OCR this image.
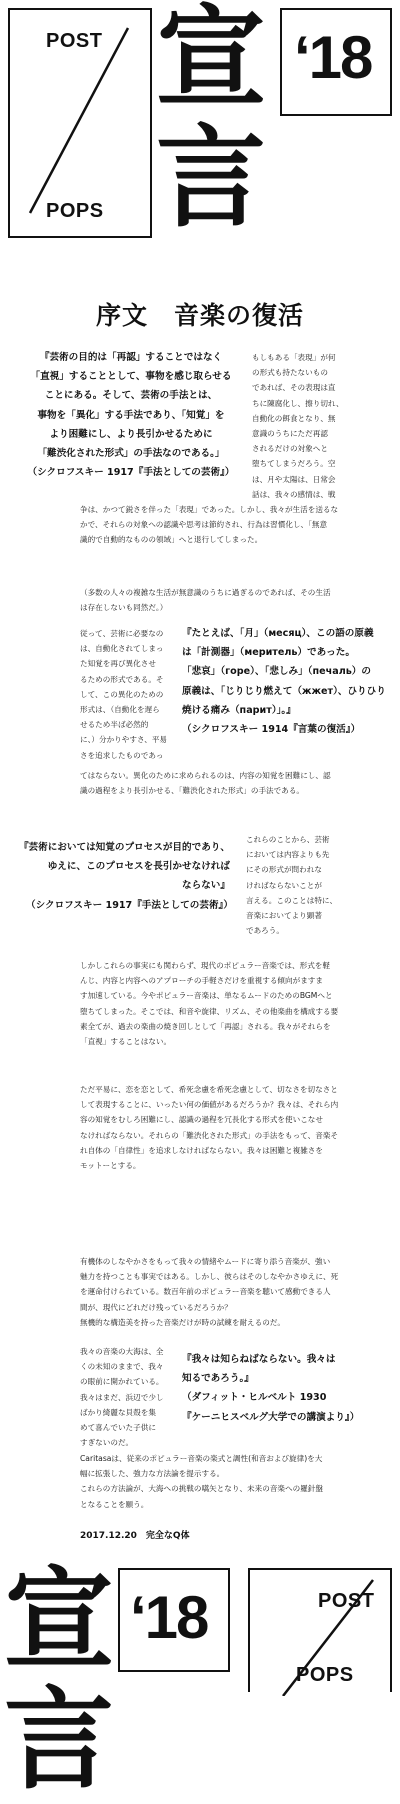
POST
POPS
宣言
‘18
序文　音楽の復活
『芸術の目的は「再認」することではなく
「直視」することとして、事物を感じ取らせる
ことにある。そして、芸術の手法とは、
事物を「異化」する手法であり、「知覚」を
より困難にし、より長引かせるために
「難渋化された形式」の手法なのである。」
（シクロフスキー 1917『手法としての芸術』）
もしもある「表現」が何
の形式も持たないもの
であれば、その表現は直
ちに陳腐化し、擦り切れ、
自動化の餌食となり、無
意識のうちにただ再認
されるだけの対象へと
堕ちてしまうだろう。空
は、月や太陽は、日常会
話は、我々の感情は、戦
争は、かつて鋭さを伴った「表現」であった。しかし、我々が生活を送るな
かで、それらの対象への認識や思考は節約され、行為は習慣化し、「無意
識的で自動的なものの領域」へと退行してしまった。
（多数の人々の複雑な生活が無意識のうちに過ぎるのであれば、その生活
は存在しないも同然だ。）
従って、芸術に必要なの
は、自動化されてしまっ
た知覚を再び異化させ
るための形式である。そ
して、この異化のための
形式は、（自動化を遅ら
せるため半ば必然的
に、）分かりやすさ、平易
さを追求したものであっ
『たとえば、「月」（месяц）、この語の原義
は「計測器」（меритель）であった。
「悲哀」（горе）、「悲しみ」（печаль）の
原義は、「じりじり燃えて（жжет）、ひりひり
焼ける痛み（парит）」。』
（シクロフスキー 1914『言葉の復活』）
てはならない。異化のために求められるのは、内容の知覚を困難にし、認
識の過程をより長引かせる、「難渋化された形式」の手法である。
『芸術においては知覚のプロセスが目的であり、
ゆえに、このプロセスを長引かせなければ
ならない』
（シクロフスキー 1917『手法としての芸術』）
これらのことから、芸術
においては内容よりも先
にその形式が問われな
ければならないことが
言える。このことは特に、
音楽においてより顕著
であろう。
しかしこれらの事実にも関わらず、現代のポピュラー音楽では、形式を軽
んじ、内容と内容へのアプローチの手軽さだけを重視する傾向がますま
す加速している。今やポピュラー音楽は、単なるムードのためのBGMへと
堕ちてしまった。そこでは、和音や旋律、リズム、その他楽曲を構成する要
素全てが、過去の楽曲の焼き回しとして「再認」される。我々がそれらを
「直視」することはない。
ただ平易に、恋を恋として、希死念慮を希死念慮として、切なさを切なさと
して表現することに、いったい何の価値があるだろうか？我々は、それら内
容の知覚をむしろ困難にし、認識の過程を冗長化する形式を使いこなせ
なければならない。それらの「難渋化された形式」の手法をもって、音楽そ
れ自体の「自律性」を追求しなければならない。我々は困難と複雑さを
モットーとする。
有機体のしなやかさをもって我々の情緒やムードに寄り添う音楽が、強い
魅力を持つことも事実ではある。しかし、彼らはそのしなやかさゆえに、死
を運命付けられている。数百年前のポピュラー音楽を聴いて感動できる人
間が、現代にどれだけ残っているだろうか？
無機的な構造美を持った音楽だけが時の試練を耐えるのだ。
我々の音楽の大海は、全
くの未知のままで、我々
の眼前に開かれている。
我々はまだ、浜辺で少し
ばかり綺麗な貝殻を集
めて喜んでいた子供に
すぎないのだ。
『我々は知らねばならない。我々は
知るであろう。』
（ダフィット・ヒルベルト 1930
『ケーニヒスベルグ大学での講演より』）
Caritasaは、従来のポピュラー音楽の楽式と調性(和音および旋律)を大
幅に拡張した、強力な方法論を提示する。
これらの方法論が、大海への挑戦の嚆矢となり、未来の音楽への羅針盤
となることを願う。
2017.12.20　完全なQ体
宣言
‘18	POST
POPS
